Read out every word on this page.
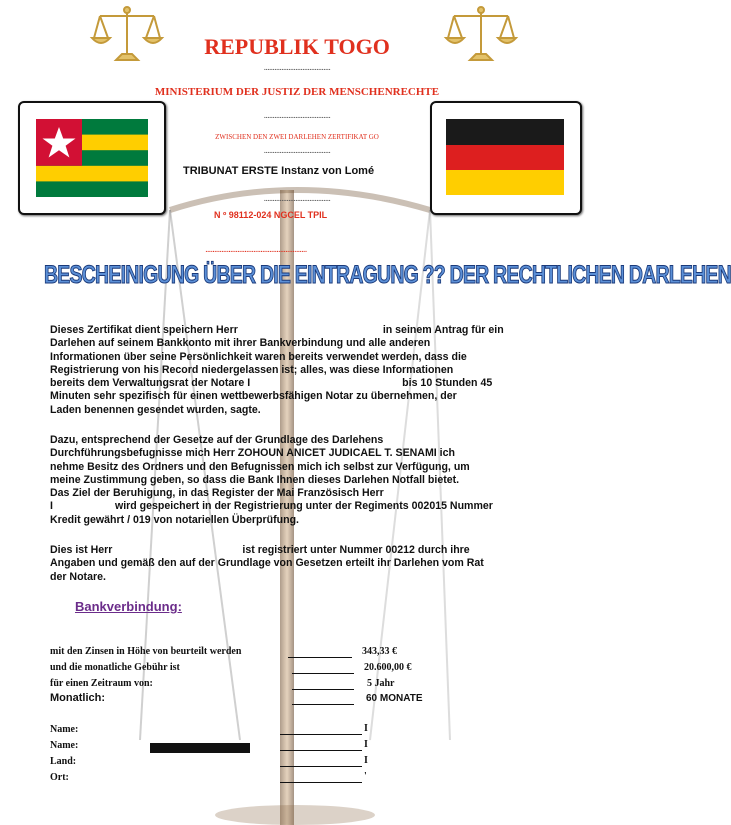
REPUBLIK TOGO
......................................
MINISTERIUM DER JUSTIZ DER MENSCHENRECHTE
......................................
ZWISCHEN DEN ZWEI DARLEHEN ZERTIFIKAT GO
......................................
TRIBUNAT ERSTE Instanz von Lomé
......................................
N º 98112-024 NGCEL TPIL
.........................................................
BESCHEINIGUNG ÜBER DIE EINTRAGUNG ?? DER RECHTLICHEN DARLEHEN
Dieses Zertifikat dient speichern Herr	in seinem Antrag für ein
Darlehen auf seinem Bankkonto mit ihrer Bankverbindung und alle anderen
Informationen über seine Persönlichkeit waren bereits verwendet werden, dass die
Registrierung von his Record niedergelassen ist; alles, was diese Informationen
bereits dem Verwaltungsrat der Notare I	bis 10 Stunden 45
Minuten sehr spezifisch für einen wettbewerbsfähigen Notar zu übernehmen, der
Laden benennen gesendet wurden, sagte.
Dazu, entsprechend der Gesetze auf der Grundlage des Darlehens
Durchführungsbefugnisse mich Herr ZOHOUN ANICET JUDICAEL T. SENAMI ich
nehme Besitz des Ordners und den Befugnissen mich ich selbst zur Verfügung, um
meine Zustimmung geben, so dass die Bank Ihnen dieses Darlehen Notfall bietet.
Das Ziel der Beruhigung, in das Register der Mai Französisch Herr
I	wird gespeichert in der Registrierung unter der Regiments 002015 Nummer
Kredit gewährt / 019 von notariellen Überprüfung.
Dies ist Herr	ist registriert unter Nummer 00212 durch ihre
Angaben und gemäß den auf der Grundlage von Gesetzen erteilt ihr Darlehen vom Rat
der Notare.
Bankverbindung:
mit den Zinsen in Höhe von beurteilt werden	343,33 €
und die monatliche Gebühr ist	20.600,00 €
für einen Zeitraum von:	5 Jahr
Monatlich:	60 MONATE
Name:	I
Name:	I
Land:	I
Ort:	'
